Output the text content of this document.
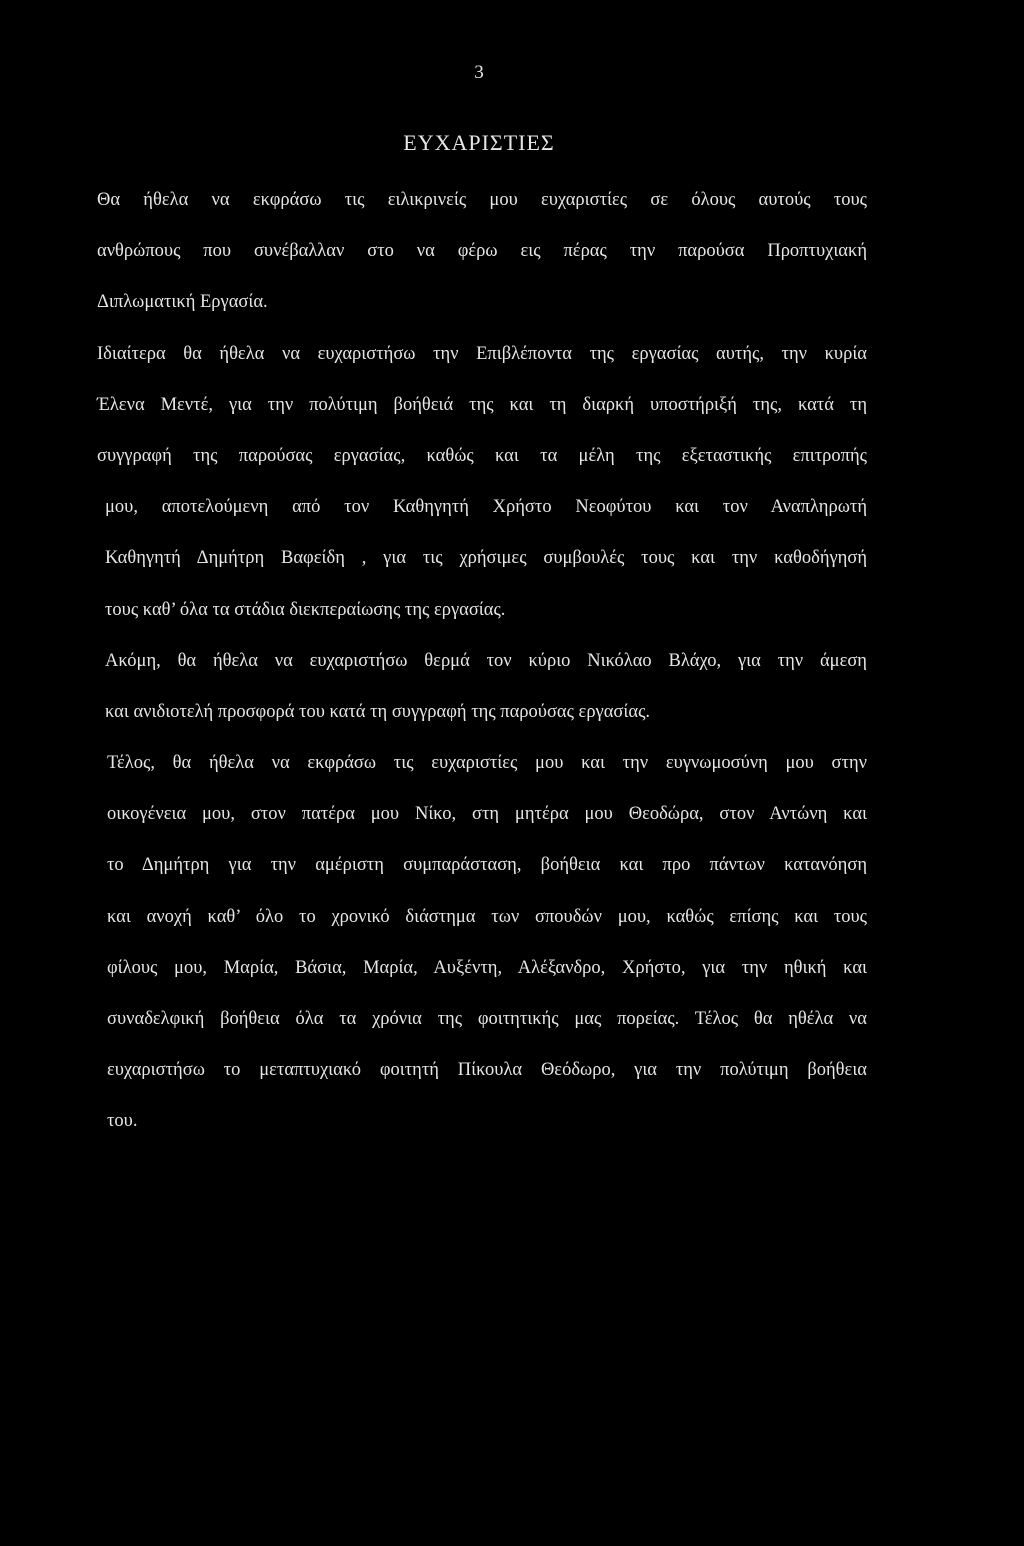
3
ΕΥΧΑΡΙΣΤΙΕΣ
Θα ήθελα να εκφράσω τις ειλικρινείς μου ευχαριστίες σε όλους αυτούς τους
ανθρώπους που συνέβαλλαν στο να φέρω εις πέρας την παρούσα Προπτυχιακή
Διπλωματική Εργασία.
Ιδιαίτερα θα ήθελα να ευχαριστήσω την Επιβλέποντα της εργασίας αυτής, την κυρία
Έλενα Μεντέ, για την πολύτιμη βοήθειά της και τη διαρκή υποστήριξή της, κατά τη
συγγραφή της παρούσας εργασίας, καθώς και τα μέλη της εξεταστικής επιτροπής
μου, αποτελούμενη από τον Καθηγητή Χρήστο Νεοφύτου και τον Αναπληρωτή
Καθηγητή Δημήτρη Βαφείδη , για τις χρήσιμες συμβουλές τους και την καθοδήγησή
τους καθ’ όλα τα στάδια διεκπεραίωσης της εργασίας.
Ακόμη, θα ήθελα να ευχαριστήσω θερμά τον κύριο Νικόλαο Βλάχο, για την άμεση
και ανιδιοτελή προσφορά του κατά τη συγγραφή της παρούσας εργασίας.
Τέλος, θα ήθελα να εκφράσω τις ευχαριστίες μου και την ευγνωμοσύνη μου στην
οικογένεια μου, στον πατέρα μου Νίκο, στη μητέρα μου Θεοδώρα, στον Αντώνη και
το Δημήτρη για την αμέριστη συμπαράσταση, βοήθεια και προ πάντων κατανόηση
και ανοχή καθ’ όλο το χρονικό διάστημα των σπουδών μου, καθώς επίσης και τους
φίλους μου, Μαρία, Βάσια, Μαρία, Αυξέντη, Αλέξανδρο, Χρήστο, για την ηθική και
συναδελφική βοήθεια όλα τα χρόνια της φοιτητικής μας πορείας. Τέλος θα ηθέλα να
ευχαριστήσω το μεταπτυχιακό φοιτητή Πίκουλα Θεόδωρο, για την πολύτιμη βοήθεια
του.
